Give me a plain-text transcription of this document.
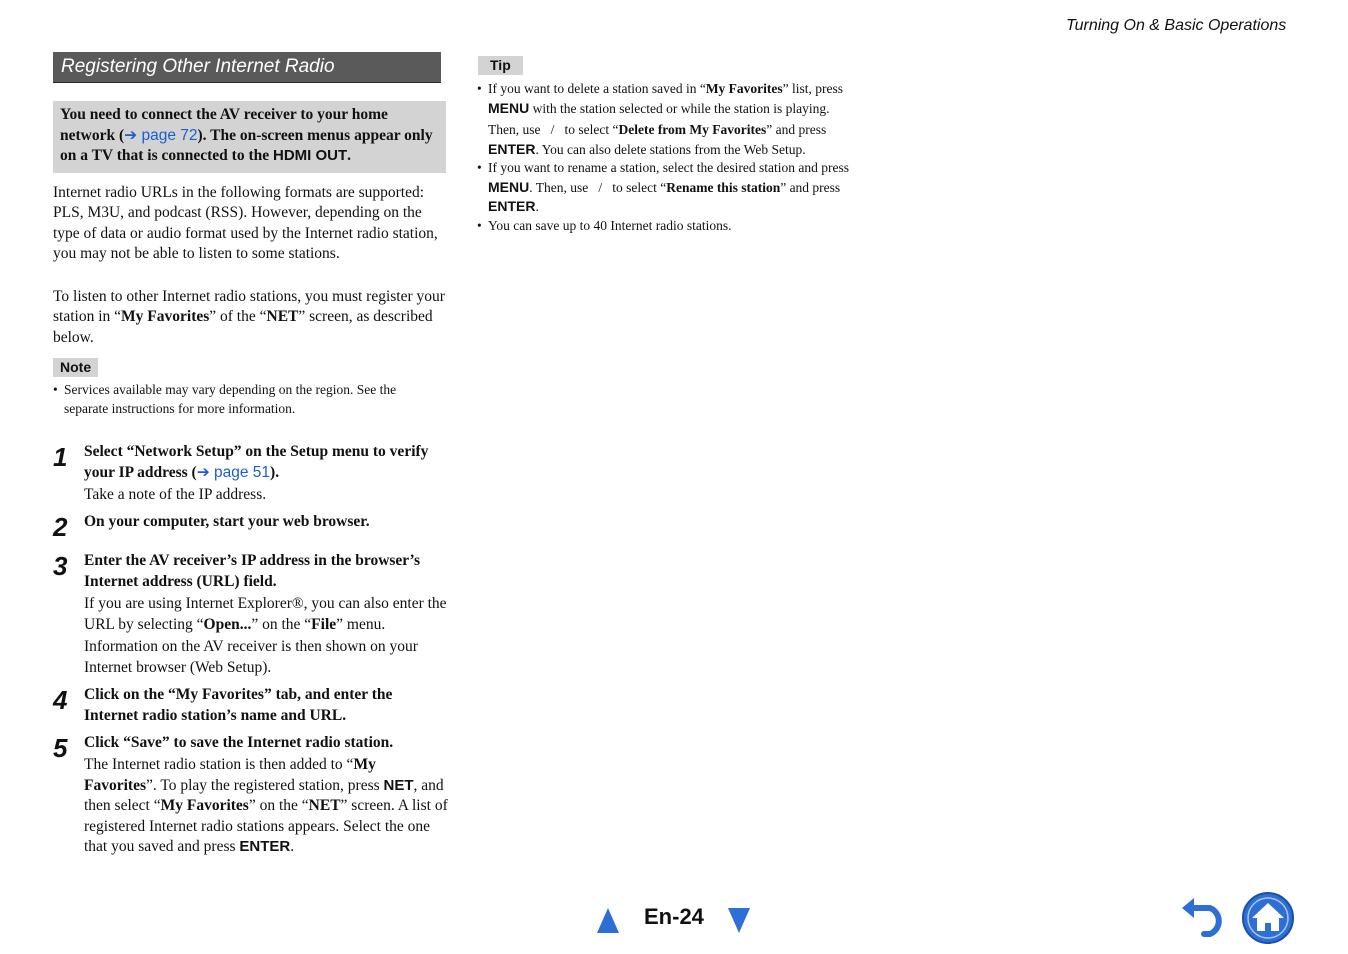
Turning On & Basic Operations
Registering Other Internet Radio
You need to connect the AV receiver to your home network (➔ page 72). The on-screen menus appear only on a TV that is connected to the HDMI OUT.
Internet radio URLs in the following formats are supported: PLS, M3U, and podcast (RSS). However, depending on the type of data or audio format used by the Internet radio station, you may not be able to listen to some stations.
To listen to other Internet radio stations, you must register your station in “My Favorites” of the “NET” screen, as described below.
Note
• Services available may vary depending on the region. See the separate instructions for more information.
1 Select “Network Setup” on the Setup menu to verify your IP address (➔ page 51).
Take a note of the IP address.
2 On your computer, start your web browser.
3 Enter the AV receiver’s IP address in the browser’s Internet address (URL) field.
If you are using Internet Explorer®, you can also enter the URL by selecting “Open...” on the “File” menu.
Information on the AV receiver is then shown on your Internet browser (Web Setup).
4 Click on the “My Favorites” tab, and enter the Internet radio station’s name and URL.
5 Click “Save” to save the Internet radio station.
The Internet radio station is then added to “My Favorites”. To play the registered station, press NET, and then select “My Favorites” on the “NET” screen. A list of registered Internet radio stations appears. Select the one that you saved and press ENTER.
Tip
• If you want to delete a station saved in “My Favorites” list, press MENU with the station selected or while the station is playing.
Then, use   /   to select “Delete from My Favorites” and press ENTER. You can also delete stations from the Web Setup.
• If you want to rename a station, select the desired station and press MENU. Then, use   /   to select “Rename this station” and press ENTER.
• You can save up to 40 Internet radio stations.
En-24
